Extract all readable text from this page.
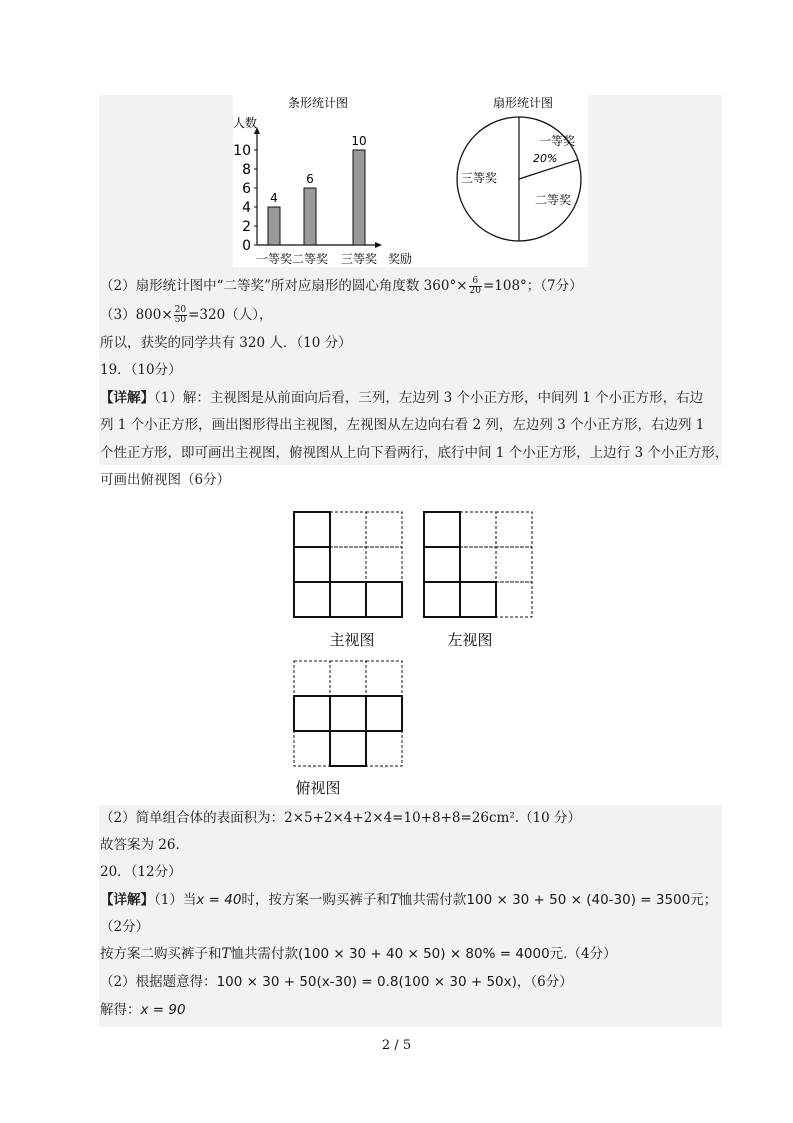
条形统计图
人数
奖励
0
2
4
6
8
10
4
一等奖
6
二等奖
10
三等奖
扇形统计图
一等奖
20%
二等奖
三等奖
（2）扇形统计图中“二等奖”所对应扇形的圆心角度数 $360^\circ\times \frac{6}{20} =108^\circ$；（7分）
$(3)800\times \frac{20}{50} =320$（人），
所以，获奖的同学共有 320 人．（10 分）
19．（10分）
【详解】（1）解：主视图是从前面向后看，三列，左边列 3 个小正方形，中间列 1 个小正方形，右边
列 1 个小正方形，画出图形得出主视图，左视图从左边向右看 2 列，左边列 3 个小正方形，右边列 1
个性正方形，即可画出主视图，俯视图从上向下看两行，底行中间 1 个小正方形，上边行 3 个小正方形，
可画出俯视图（6分）
主视图	左视图
俯视图
（2）简单组合体的表面积为：2×5+2×4+2×4=10+8+8=26cm².（10 分）
故答案为 26．
20．（12分）
【详解】（1）当x = 40时，按方案一购买裤子和T恤共需付款100 × 30 + 50 × (40-30) = 3500元；
（2分）
按方案二购买裤子和T恤共需付款(100 × 30 + 40 × 50) × 80% = 4000元.（4分）
（2）根据题意得：100 × 30 + 50(x-30) = 0.8(100 × 30 + 50x)，（6分）
解得：x = 90
2 / 5
